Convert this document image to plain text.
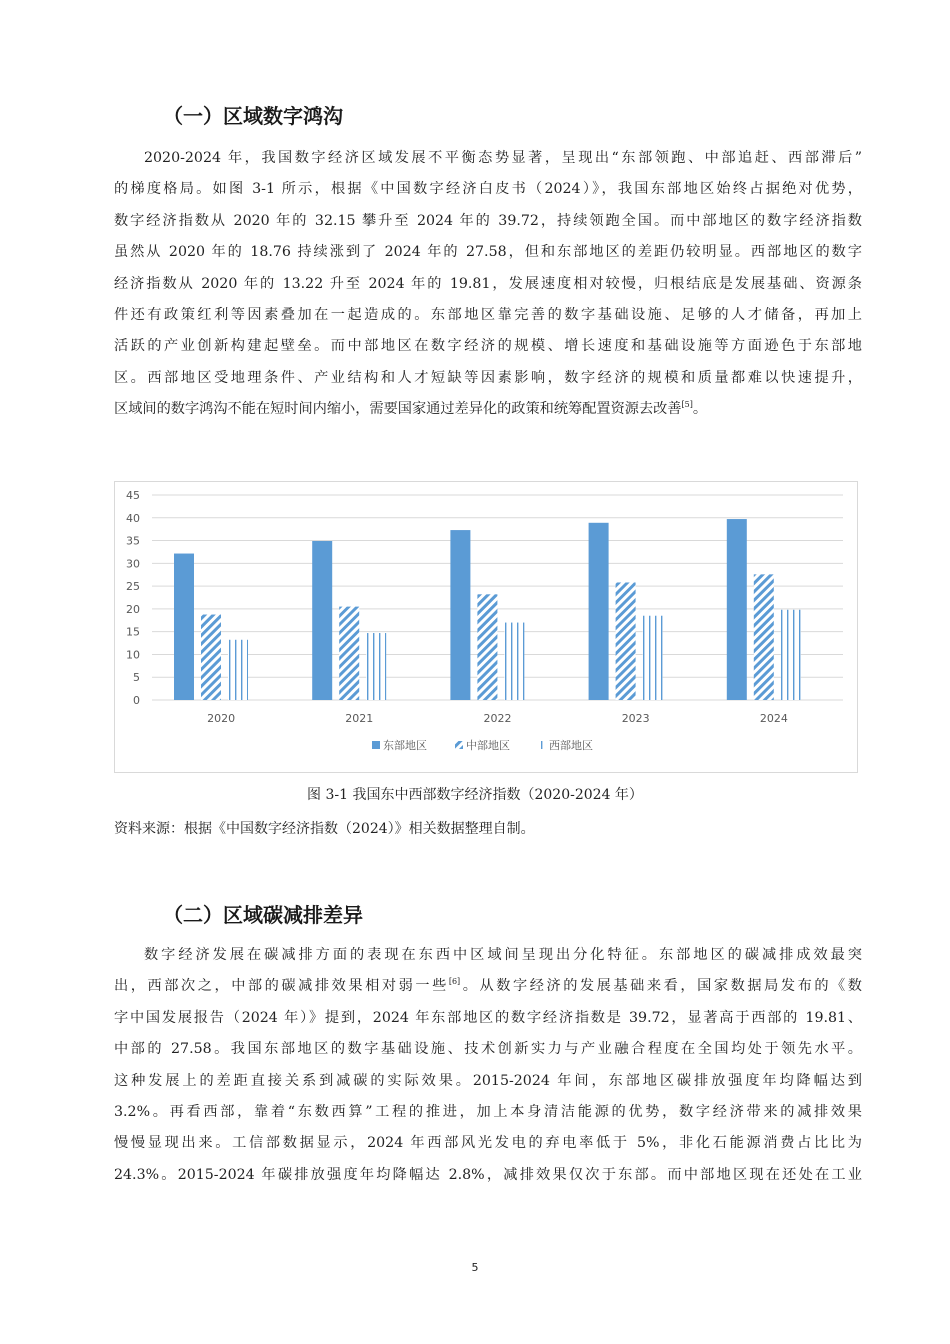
（一）区域数字鸿沟
2020-2024 年，我国数字经济区域发展不平衡态势显著，呈现出“东部领跑、中部追赶、西部滞后”
的梯度格局。如图 3-1 所示，根据《中国数字经济白皮书（2024）》，我国东部地区始终占据绝对优势，
数字经济指数从 2020 年的 32.15 攀升至 2024 年的 39.72，持续领跑全国。而中部地区的数字经济指数
虽然从 2020 年的 18.76 持续涨到了 2024 年的 27.58，但和东部地区的差距仍较明显。西部地区的数字
经济指数从 2020 年的 13.22 升至 2024 年的 19.81，发展速度相对较慢，归根结底是发展基础、资源条
件还有政策红利等因素叠加在一起造成的。东部地区靠完善的数字基础设施、足够的人才储备，再加上
活跃的产业创新构建起壁垒。而中部地区在数字经济的规模、增长速度和基础设施等方面逊色于东部地
区。西部地区受地理条件、产业结构和人才短缺等因素影响，数字经济的规模和质量都难以快速提升，
区域间的数字鸿沟不能在短时间内缩小，需要国家通过差异化的政策和统筹配置资源去改善[5]。
0
5
10
15
20
25
30
35
40
45
2020	2021	2022	2023	2024
东部地区	中部地区	西部地区

图 3-1 我国东中西部数字经济指数（2020-2024 年）

资料来源：根据《中国数字经济指数（2024）》相关数据整理自制。

（二）区域碳减排差异
数字经济发展在碳减排方面的表现在东西中区域间呈现出分化特征。东部地区的碳减排成效最突
出，西部次之，中部的碳减排效果相对弱一些[6]。从数字经济的发展基础来看，国家数据局发布的《数
字中国发展报告（2024 年）》提到，2024 年东部地区的数字经济指数是 39.72，显著高于西部的 19.81、
中部的 27.58。我国东部地区的数字基础设施、技术创新实力与产业融合程度在全国均处于领先水平。
这种发展上的差距直接关系到减碳的实际效果。2015-2024 年间，东部地区碳排放强度年均降幅达到
3.2%。再看西部，靠着“东数西算”工程的推进，加上本身清洁能源的优势，数字经济带来的减排效果
慢慢显现出来。工信部数据显示，2024 年西部风光发电的弃电率低于 5%，非化石能源消费占比比为
24.3%。2015-2024 年碳排放强度年均降幅达 2.8%，减排效果仅次于东部。而中部地区现在还处在工业

5
